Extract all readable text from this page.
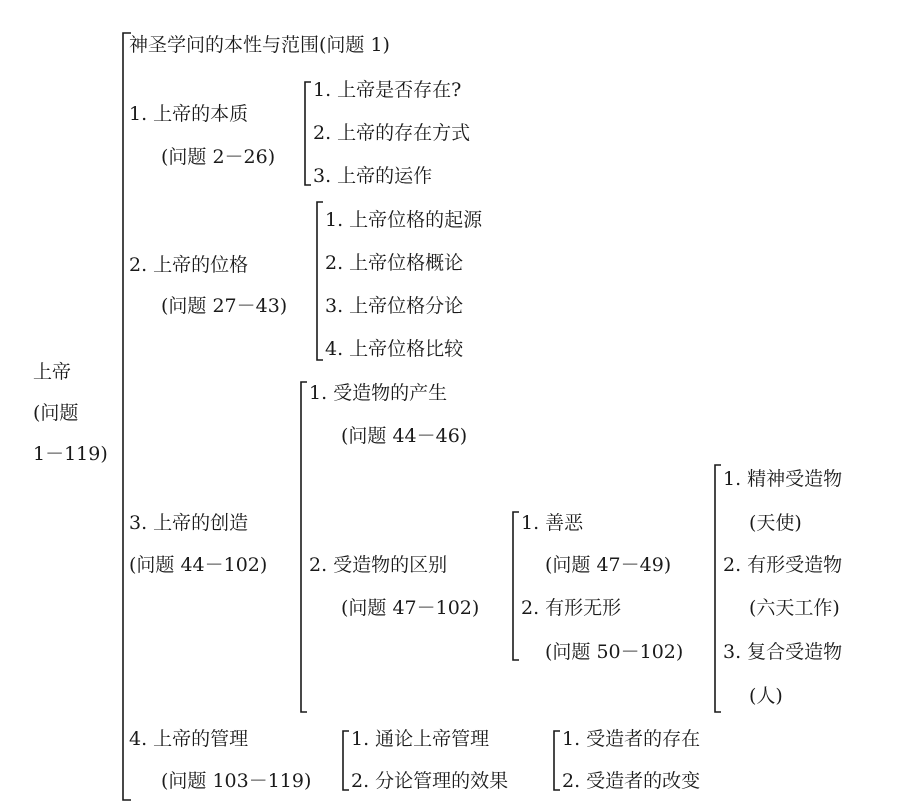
上帝
(问题
1－119)
神圣学问的本性与范围(问题 1)
1. 上帝的本质
(问题 2－26)
1. 上帝是否存在?
2. 上帝的存在方式
3. 上帝的运作
2. 上帝的位格
(问题 27－43)
1. 上帝位格的起源
2. 上帝位格概论
3. 上帝位格分论
4. 上帝位格比较
3. 上帝的创造
(问题 44－102)
1. 受造物的产生
(问题 44－46)
2. 受造物的区别
(问题 47－102)
1. 善恶
(问题 47－49)
2. 有形无形
(问题 50－102)
1. 精神受造物
(天使)
2. 有形受造物
(六天工作)
3. 复合受造物
(人)
4. 上帝的管理
(问题 103－119)
1. 通论上帝管理
2. 分论管理的效果
1. 受造者的存在
2. 受造者的改变
